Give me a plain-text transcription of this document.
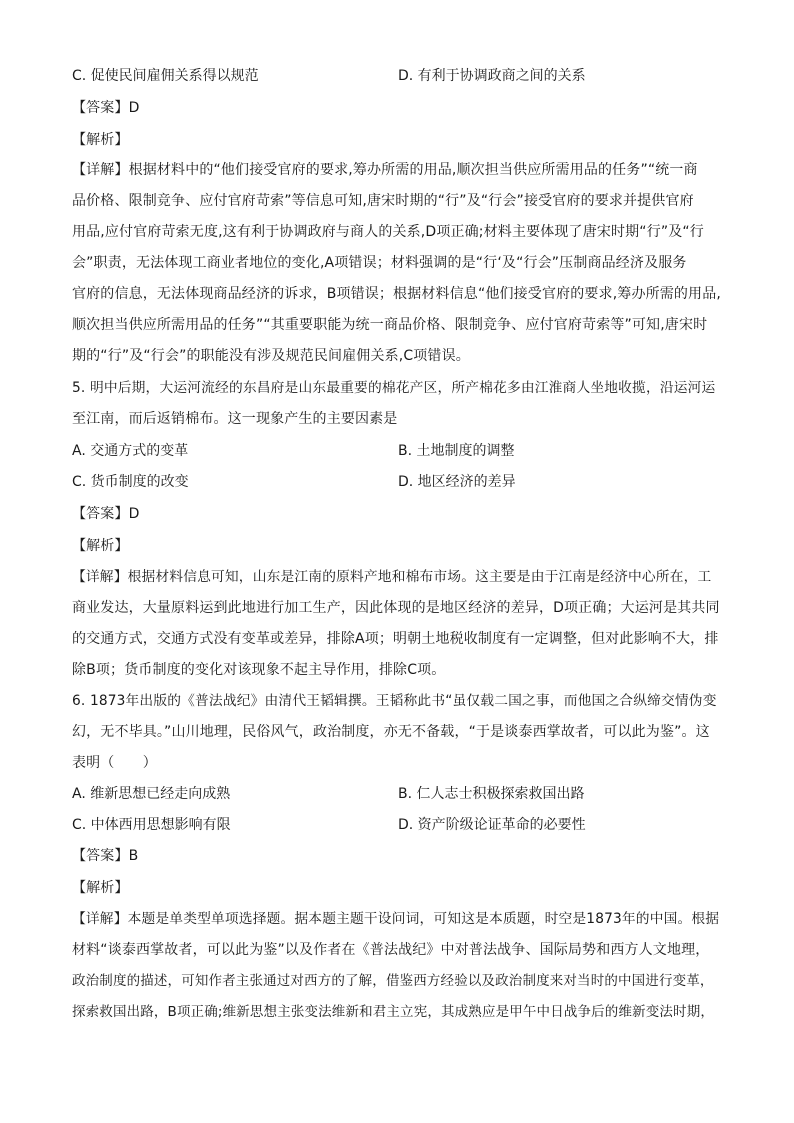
C. 促使民间雇佣关系得以规范	D. 有利于协调政商之间的关系
【答案】D
【解析】
【详解】根据材料中的“他们接受官府的要求,筹办所需的用品,顺次担当供应所需用品的任务”“统一商
品价格、限制竞争、应付官府苛索”等信息可知,唐宋时期的“行”及“行会”接受官府的要求并提供官府
用品,应付官府苛索无度,这有利于协调政府与商人的关系,D项正确;材料主要体现了唐宋时期“行”及“行
会”职责，无法体现工商业者地位的变化,A项错误；材料强调的是“行‘及“行会”压制商品经济及服务
官府的信息，无法体现商品经济的诉求，B项错误；根据材料信息“他们接受官府的要求,筹办所需的用品,
顺次担当供应所需用品的任务”“其重要职能为统一商品价格、限制竞争、应付官府苛索等”可知,唐宋时
期的“行”及“行会”的职能没有涉及规范民间雇佣关系,C项错误。
5. 明中后期，大运河流经的东昌府是山东最重要的棉花产区，所产棉花多由江淮商人坐地收揽，沿运河运
至江南，而后返销棉布。这一现象产生的主要因素是
A. 交通方式的变革	B. 土地制度的调整
C. 货币制度的改变	D. 地区经济的差异
【答案】D
【解析】
【详解】根据材料信息可知，山东是江南的原料产地和棉布市场。这主要是由于江南是经济中心所在，工
商业发达，大量原料运到此地进行加工生产，因此体现的是地区经济的差异，D项正确；大运河是其共同
的交通方式，交通方式没有变革或差异，排除A项；明朝土地税收制度有一定调整，但对此影响不大，排
除B项；货币制度的变化对该现象不起主导作用，排除C项。
6. 1873年出版的《普法战纪》由清代王韬辑撰。王韬称此书“虽仅载二国之事，而他国之合纵缔交情伪变
幻，无不毕具。”山川地理，民俗风气，政治制度，亦无不备载，“于是谈泰西掌故者，可以此为鉴”。这
表明（　　）
A. 维新思想已经走向成熟	B. 仁人志士积极探索救国出路
C. 中体西用思想影响有限	D. 资产阶级论证革命的必要性
【答案】B
【解析】
【详解】本题是单类型单项选择题。据本题主题干设问词，可知这是本质题，时空是1873年的中国。根据
材料“谈泰西掌故者，可以此为鉴”以及作者在《普法战纪》中对普法战争、国际局势和西方人文地理，
政治制度的描述，可知作者主张通过对西方的了解，借鉴西方经验以及政治制度来对当时的中国进行变革，
探索救国出路，B项正确;维新思想主张变法维新和君主立宪，其成熟应是甲午中日战争后的维新变法时期，
